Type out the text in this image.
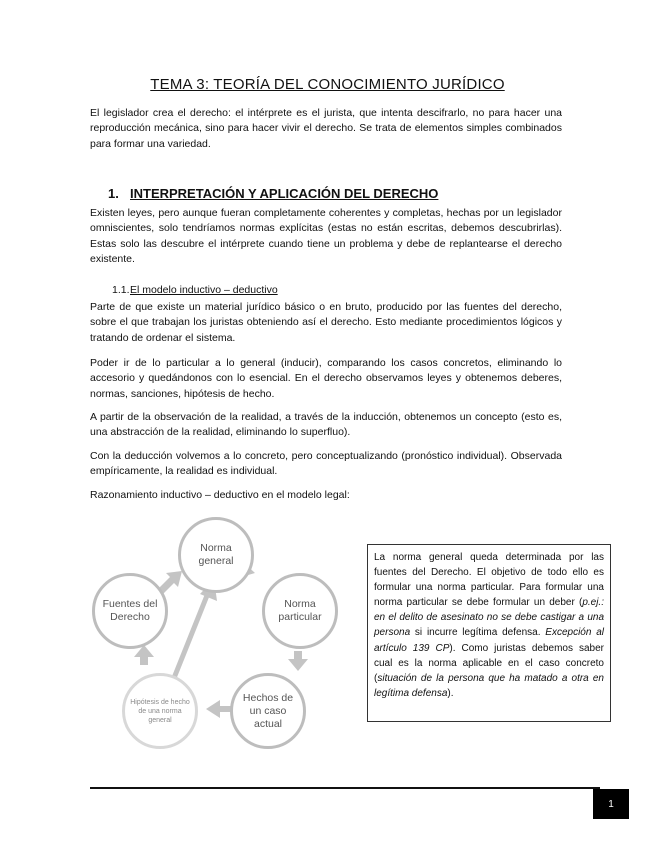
TEMA 3: TEORÍA DEL CONOCIMIENTO JURÍDICO
El legislador crea el derecho: el intérprete es el jurista, que intenta descifrarlo, no para hacer una reproducción mecánica, sino para hacer vivir el derecho. Se trata de elementos simples combinados para formar una variedad.
1. INTERPRETACIÓN Y APLICACIÓN DEL DERECHO
Existen leyes, pero aunque fueran completamente coherentes y completas, hechas por un legislador omniscientes, solo tendríamos normas explícitas (estas no están escritas, debemos descubrirlas). Estas solo las descubre el intérprete cuando tiene un problema y debe de replantearse el derecho existente.
1.1.El modelo inductivo – deductivo
Parte de que existe un material jurídico básico o en bruto, producido por las fuentes del derecho, sobre el que trabajan los juristas obteniendo así el derecho. Esto mediante procedimientos lógicos y tratando de ordenar el sistema.
Poder ir de lo particular a lo general (inducir), comparando los casos concretos, eliminando lo accesorio y quedándonos con lo esencial. En el derecho observamos leyes y obtenemos deberes, normas, sanciones, hipótesis de hecho.
A partir de la observación de la realidad, a través de la inducción, obtenemos un concepto (esto es, una abstracción de la realidad, eliminando lo superfluo).
Con la deducción volvemos a lo concreto, pero conceptualizando (pronóstico individual). Observada empíricamente, la realidad es individual.
Razonamiento inductivo – deductivo en el modelo legal:
Norma general
Norma particular
Hechos de un caso actual
Hipótesis de hecho de una norma general
Fuentes del Derecho
La norma general queda determinada por las fuentes del Derecho. El objetivo de todo ello es formular una norma particular. Para formular una norma particular se debe formular un deber (p.ej.: en el delito de asesinato no se debe castigar a una persona si incurre legítima defensa. Excepción al artículo 139 CP). Como juristas debemos saber cual es la norma aplicable en el caso concreto (situación de la persona que ha matado a otra en legítima defensa).
1
